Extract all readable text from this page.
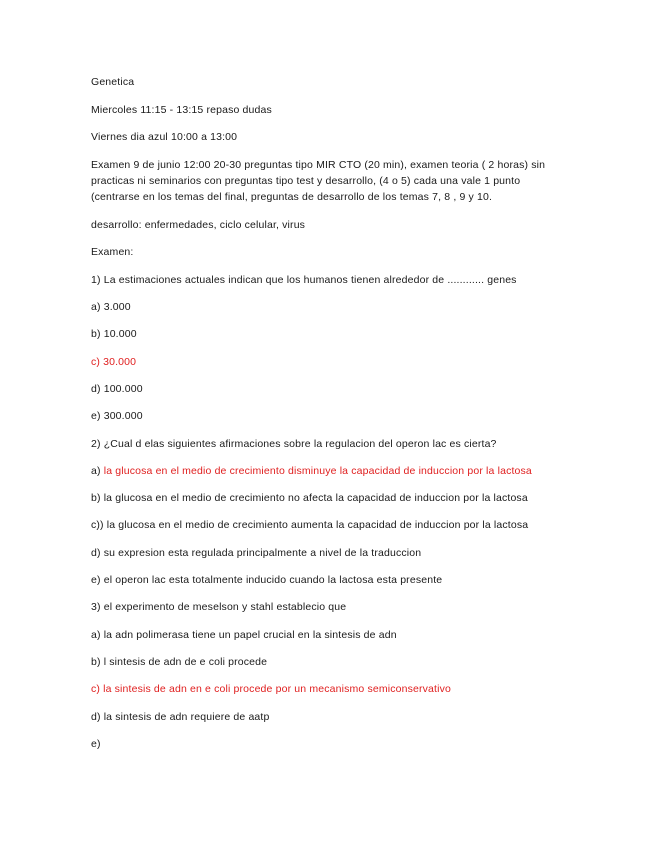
Genetica
Miercoles 11:15 - 13:15 repaso dudas
Viernes dia azul 10:00 a 13:00
Examen 9 de junio 12:00 20-30 preguntas tipo MIR CTO (20 min), examen teoria ( 2 horas) sin
practicas ni seminarios con preguntas tipo test y desarrollo, (4 o 5) cada una vale 1 punto
(centrarse en los temas del final, preguntas de desarrollo de los temas 7, 8 , 9 y 10.
desarrollo: enfermedades, ciclo celular, virus
Examen:
1) La estimaciones actuales indican que los humanos tienen alrededor de ............ genes
a) 3.000
b) 10.000
c) 30.000
d) 100.000
e) 300.000
2) ¿Cual d elas siguientes afirmaciones sobre la regulacion del operon lac es cierta?
a) la glucosa en el medio de crecimiento disminuye la capacidad de induccion por la lactosa
b) la glucosa en el medio de crecimiento no afecta la capacidad de induccion por la lactosa
c)) la glucosa en el medio de crecimiento aumenta la capacidad de induccion por la lactosa
d) su expresion esta regulada principalmente a nivel de la traduccion
e) el operon lac esta totalmente inducido cuando la lactosa esta presente
3) el experimento de meselson y stahl establecio que
a) la adn polimerasa tiene un papel crucial en la sintesis de adn
b) l sintesis de adn de e coli procede
c) la sintesis de adn en e coli procede por un mecanismo semiconservativo
d) la sintesis de adn requiere de aatp
e)
